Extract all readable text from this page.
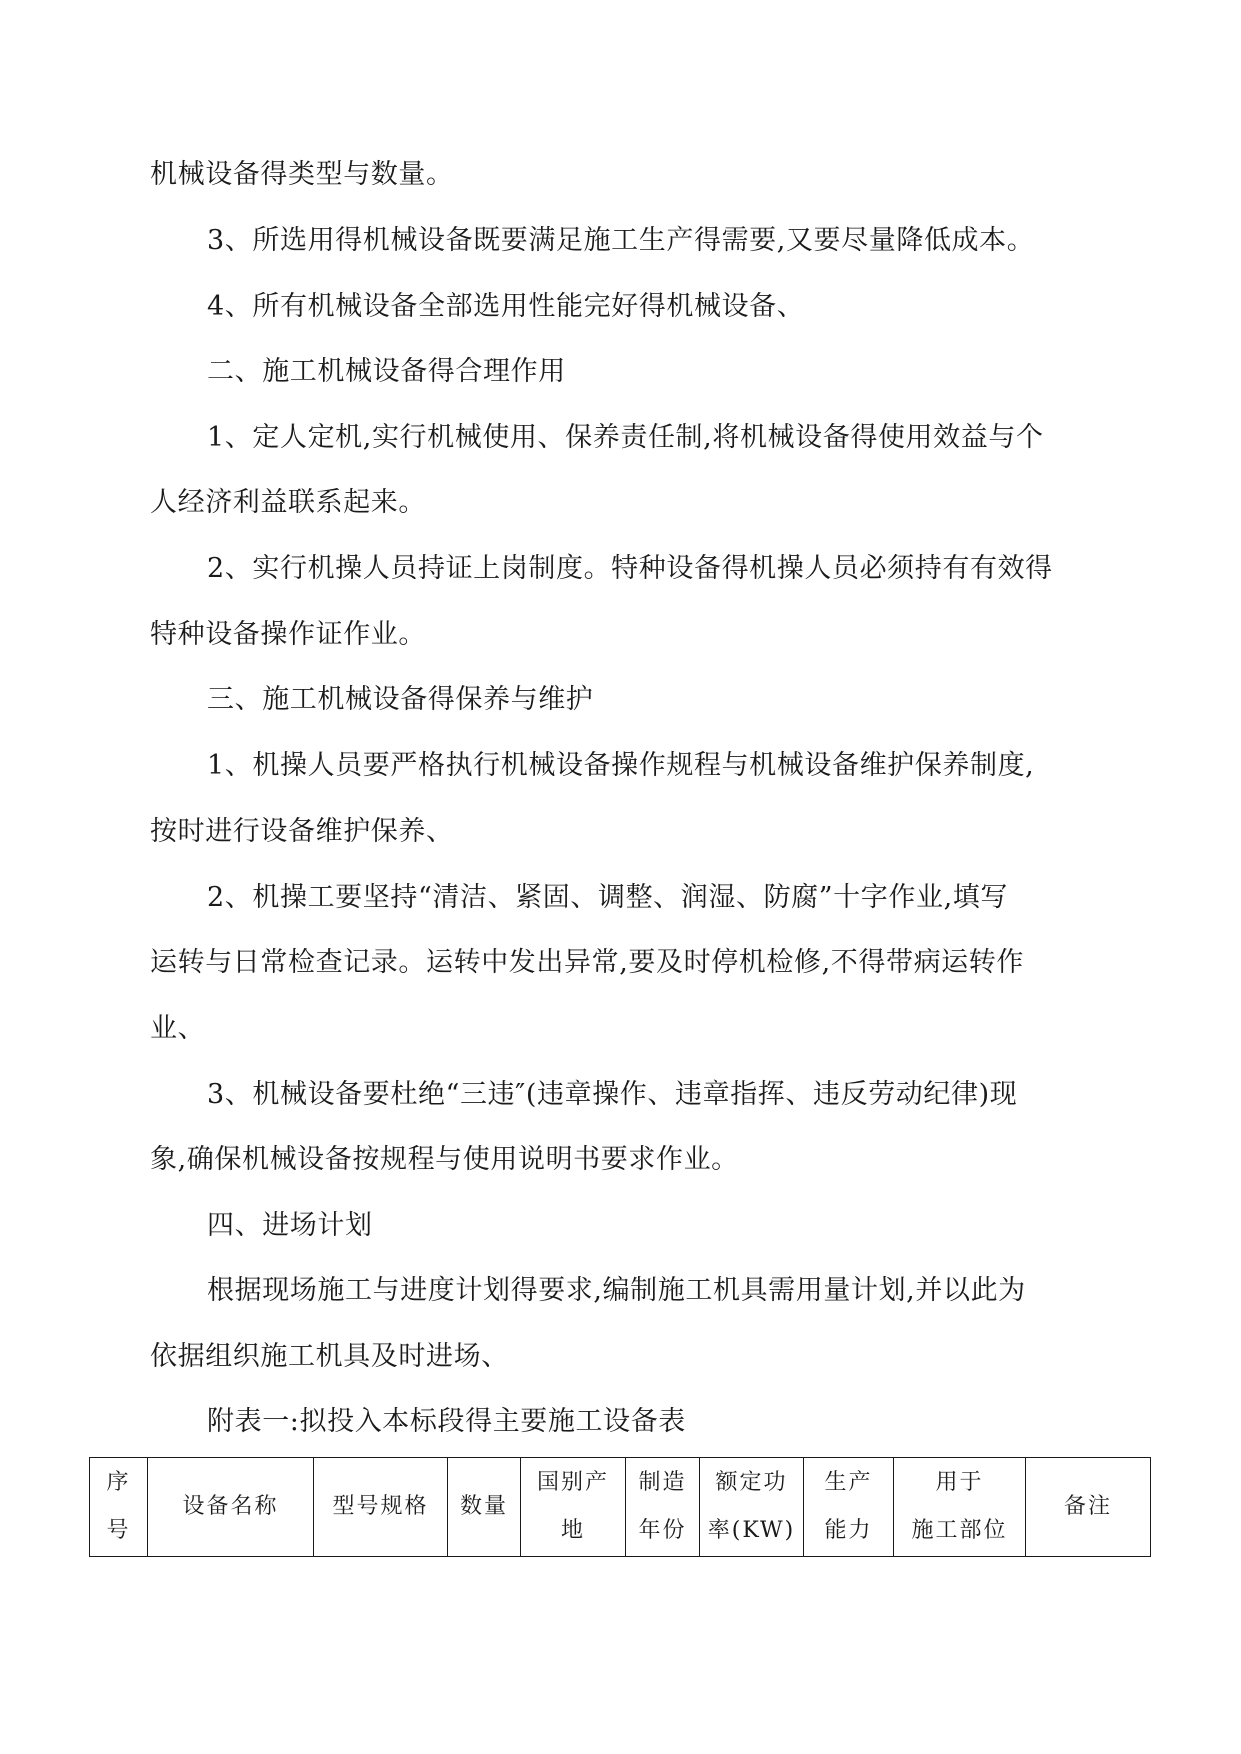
机械设备得类型与数量。
3、所选用得机械设备既要满足施工生产得需要,又要尽量降低成本。
4、所有机械设备全部选用性能完好得机械设备、
二、施工机械设备得合理作用
1、定人定机,实行机械使用、保养责任制,将机械设备得使用效益与个
人经济利益联系起来。
2、实行机操人员持证上岗制度。特种设备得机操人员必须持有有效得
特种设备操作证作业。
三、施工机械设备得保养与维护
1、机操人员要严格执行机械设备操作规程与机械设备维护保养制度,
按时进行设备维护保养、
2、机操工要坚持“清洁、紧固、调整、润湿、防腐”十字作业,填写
运转与日常检查记录。运转中发出异常,要及时停机检修,不得带病运转作
业、
3、机械设备要杜绝“三违″(违章操作、违章指挥、违反劳动纪律)现
象,确保机械设备按规程与使用说明书要求作业。
四、进场计划
根据现场施工与进度计划得要求,编制施工机具需用量计划,并以此为
依据组织施工机具及时进场、
附表一:拟投入本标段得主要施工设备表
序
号	设备名称	型号规格	数量	国别产
地	制造
年份	额定功
率(KW)	生产
能力	用于
施工部位	备注
